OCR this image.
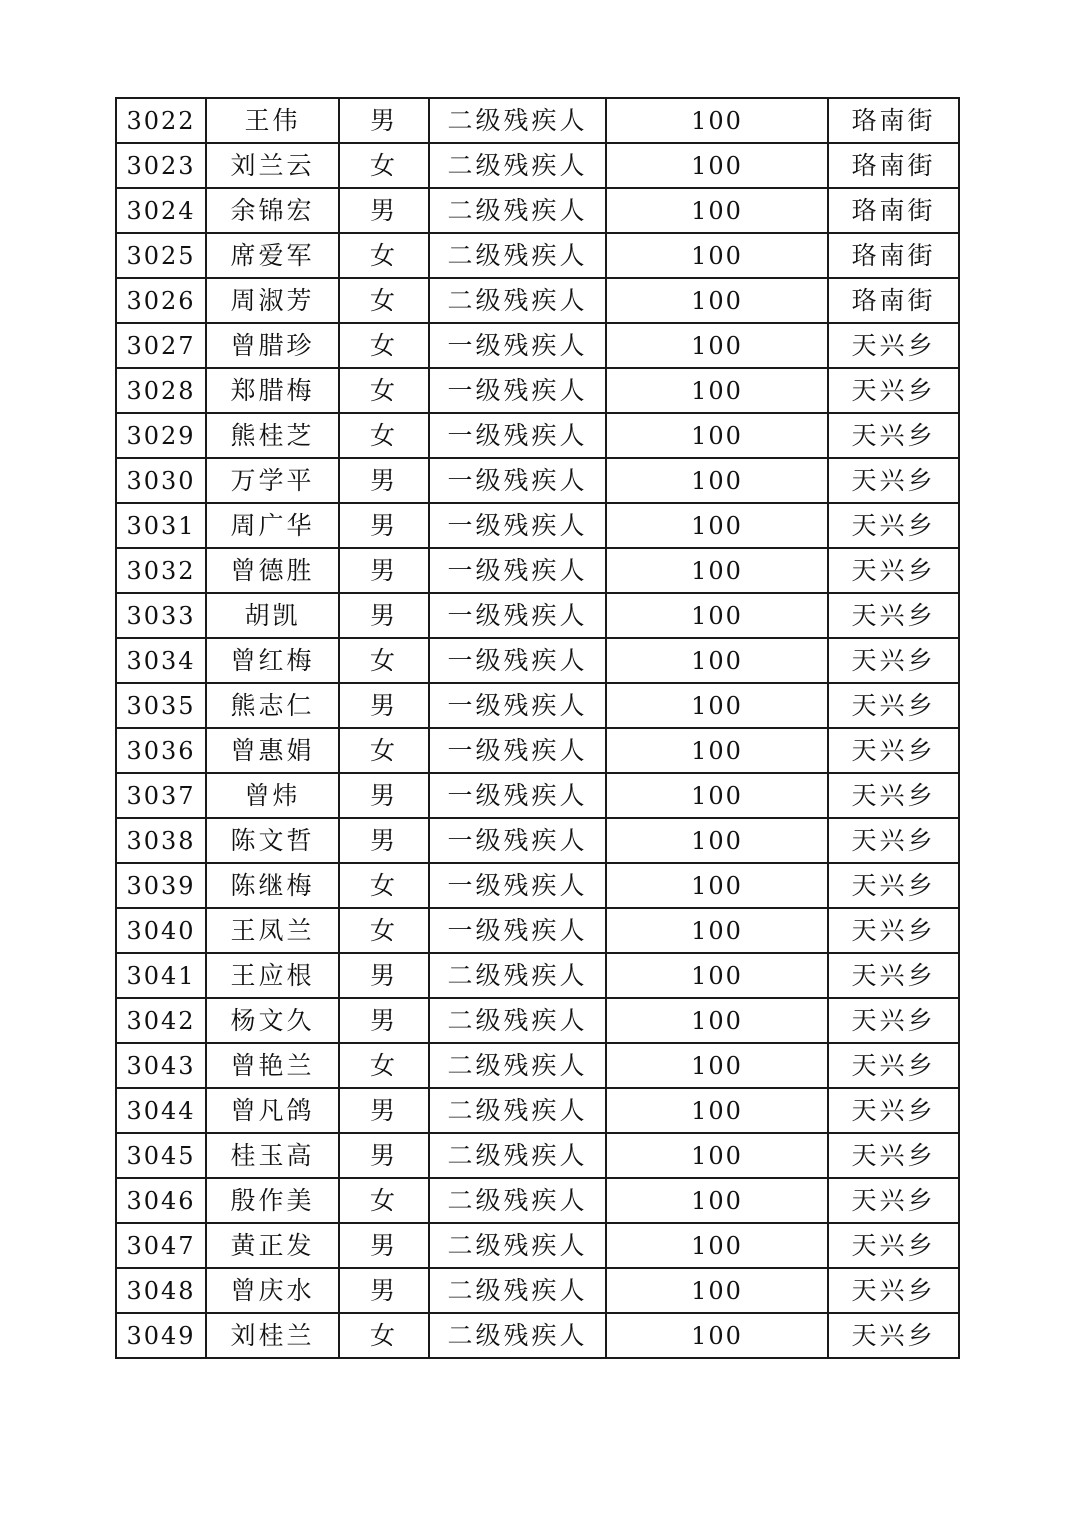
3022	王伟	男	二级残疾人	100	珞南街
3023	刘兰云	女	二级残疾人	100	珞南街
3024	余锦宏	男	二级残疾人	100	珞南街
3025	席爱军	女	二级残疾人	100	珞南街
3026	周淑芳	女	二级残疾人	100	珞南街
3027	曾腊珍	女	一级残疾人	100	天兴乡
3028	郑腊梅	女	一级残疾人	100	天兴乡
3029	熊桂芝	女	一级残疾人	100	天兴乡
3030	万学平	男	一级残疾人	100	天兴乡
3031	周广华	男	一级残疾人	100	天兴乡
3032	曾德胜	男	一级残疾人	100	天兴乡
3033	胡凯	男	一级残疾人	100	天兴乡
3034	曾红梅	女	一级残疾人	100	天兴乡
3035	熊志仁	男	一级残疾人	100	天兴乡
3036	曾惠娟	女	一级残疾人	100	天兴乡
3037	曾炜	男	一级残疾人	100	天兴乡
3038	陈文哲	男	一级残疾人	100	天兴乡
3039	陈继梅	女	一级残疾人	100	天兴乡
3040	王凤兰	女	一级残疾人	100	天兴乡
3041	王应根	男	二级残疾人	100	天兴乡
3042	杨文久	男	二级残疾人	100	天兴乡
3043	曾艳兰	女	二级残疾人	100	天兴乡
3044	曾凡鸽	男	二级残疾人	100	天兴乡
3045	桂玉高	男	二级残疾人	100	天兴乡
3046	殷作美	女	二级残疾人	100	天兴乡
3047	黄正发	男	二级残疾人	100	天兴乡
3048	曾庆水	男	二级残疾人	100	天兴乡
3049	刘桂兰	女	二级残疾人	100	天兴乡
